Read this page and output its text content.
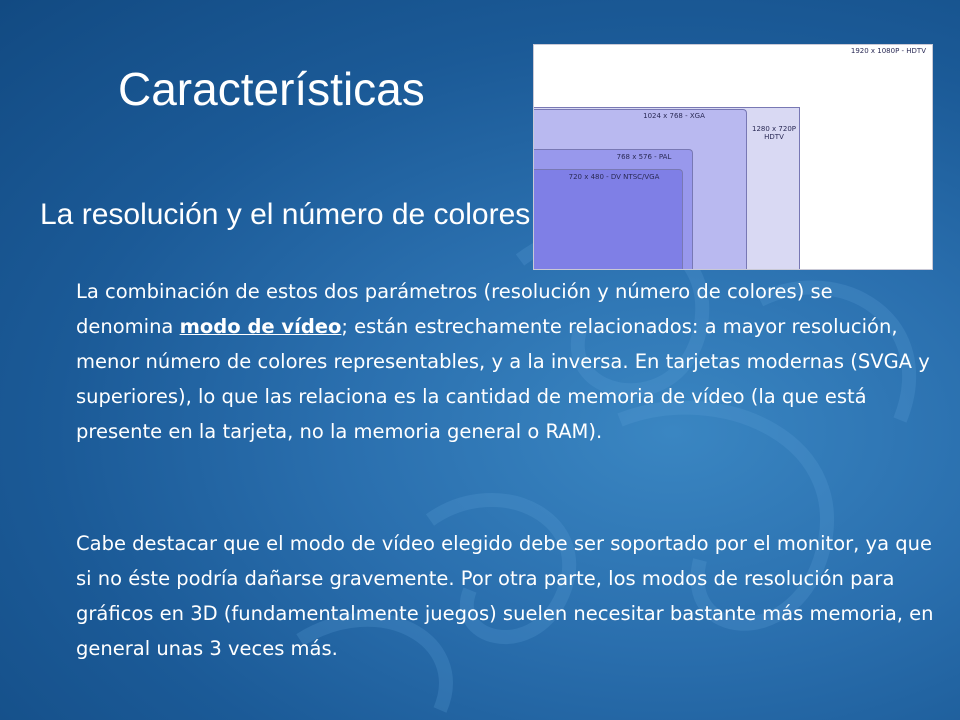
Características
1920 x 1080P - HDTV
1280 x 720P
HDTV
1024 x 768 - XGA
768 x 576 - PAL
720 x 480 - DV NTSC/VGA
La resolución y el número de colores

La combinación de estos dos parámetros (resolución y número de colores) se denomina modo de vídeo; están estrechamente relacionados: a mayor resolución, menor número de colores representables, y a la inversa. En tarjetas modernas (SVGA y superiores), lo que las relaciona es la cantidad de memoria de vídeo (la que está presente en la tarjeta, no la memoria general o RAM).

Cabe destacar que el modo de vídeo elegido debe ser soportado por el monitor, ya que si no éste podría dañarse gravemente. Por otra parte, los modos de resolución para gráficos en 3D (fundamentalmente juegos) suelen necesitar bastante más memoria, en general unas 3 veces más.
